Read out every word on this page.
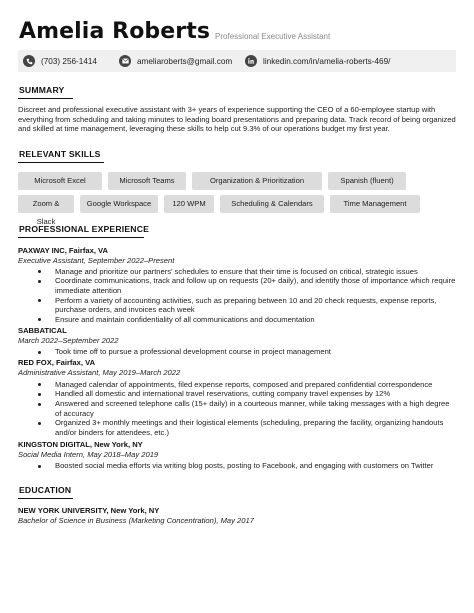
Amelia Roberts Professional Executive Assistant
(703) 256-1414	ameliaroberts@gmail.com	linkedin.com/in/amelia-roberts-469/
SUMMARY

Discreet and professional executive assistant with 3+ years of experience supporting the CEO of a 60-employee startup with everything from scheduling and taking minutes to leading board presentations and preparing data. Track record of being organized and skilled at time management, leveraging these skills to help cut 9.3% of our operations budget my first year.

RELEVANT SKILLS
Microsoft Excel	Microsoft Teams	Organization & Prioritization	Spanish (fluent)
Zoom & Slack
Google Workspace	120 WPM	Scheduling & Calendars	Time Management
PROFESSIONAL EXPERIENCE
PAXWAY INC, Fairfax, VA
Executive Assistant, September 2022–Present
Manage and prioritize our partners' schedules to ensure that their time is focused on critical, strategic issues
Coordinate communications, track and follow up on requests (20+ daily), and identify those of importance which require immediate attention
Perform a variety of accounting activities, such as preparing between 10 and 20 check requests, expense reports, purchase orders, and invoices each week
Ensure and maintain confidentiality of all communications and documentation
SABBATICAL
March 2022–September 2022
Took time off to pursue a professional development course in project management
RED FOX, Fairfax, VA
Administrative Assistant, May 2019–March 2022
Managed calendar of appointments, filed expense reports, composed and prepared confidential correspondence
Handled all domestic and international travel reservations, cutting company travel expenses by 12%
Answered and screened telephone calls (15+ daily) in a courteous manner, while taking messages with a high degree of accuracy
Organized 3+ monthly meetings and their logistical elements (scheduling, preparing the facility, organizing handouts and/or binders for attendees, etc.)
KINGSTON DIGITAL, New York, NY
Social Media Intern, May 2018–May 2019
Boosted social media efforts via writing blog posts, posting to Facebook, and engaging with customers on Twitter
EDUCATION
NEW YORK UNIVERSITY, New York, NY
Bachelor of Science in Business (Marketing Concentration), May 2017
